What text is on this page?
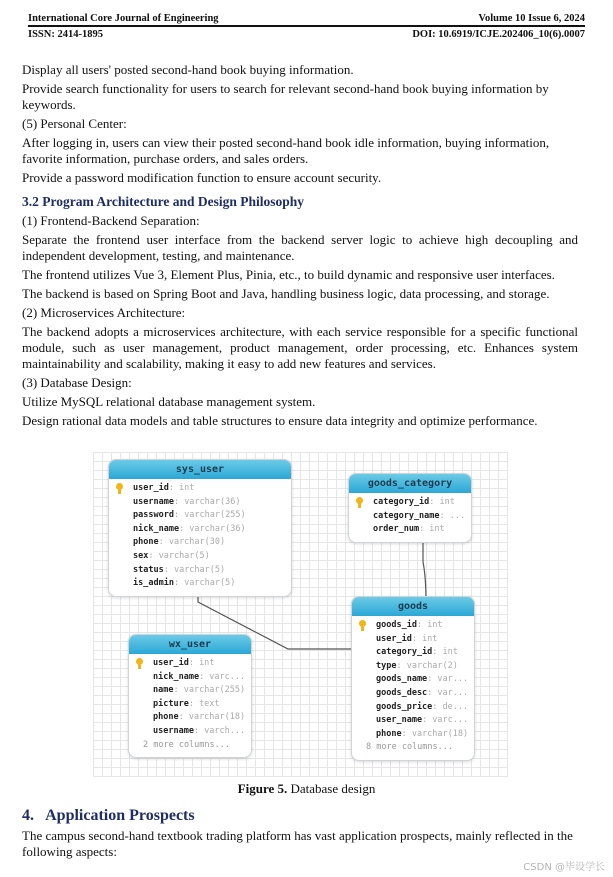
International Core Journal of Engineering	Volume 10 Issue 6, 2024
ISSN: 2414-1895	DOI: 10.6919/ICJE.202406_10(6).0007

Display all users' posted second-hand book buying information.

Provide search functionality for users to search for relevant second-hand book buying information by keywords.

(5) Personal Center:

After logging in, users can view their posted second-hand book idle information, buying information, favorite information, purchase orders, and sales orders.

Provide a password modification function to ensure account security.

3.2 Program Architecture and Design Philosophy

(1) Frontend-Backend Separation:

Separate the frontend user interface from the backend server logic to achieve high decoupling and independent development, testing, and maintenance.

The frontend utilizes Vue 3, Element Plus, Pinia, etc., to build dynamic and responsive user interfaces.

The backend is based on Spring Boot and Java, handling business logic, data processing, and storage.

(2) Microservices Architecture:

The backend adopts a microservices architecture, with each service responsible for a specific functional module, such as user management, product management, order processing, etc. Enhances system maintainability and scalability, making it easy to add new features and services.

(3) Database Design:

Utilize MySQL relational database management system.

Design rational data models and table structures to ensure data integrity and optimize performance.

sys_user
user_id: int
username: varchar(36)
password: varchar(255)
nick_name: varchar(36)
phone: varchar(30)
sex: varchar(5)
status: varchar(5)
is_admin: varchar(5)
goods_category
category_id: int
category_name: ...
order_num: int
goods
goods_id: int
user_id: int
category_id: int
type: varchar(2)
goods_name: var...
goods_desc: var...
goods_price: de...
user_name: varc...
phone: varchar(18)
8 more columns...
wx_user
user_id: int
nick_name: varc...
name: varchar(255)
picture: text
phone: varchar(18)
username: varch...
2 more columns...
Figure 5. Database design

4.   Application Prospects

The campus second-hand textbook trading platform has vast application prospects, mainly reflected in the following aspects:

CSDN @毕设学长
